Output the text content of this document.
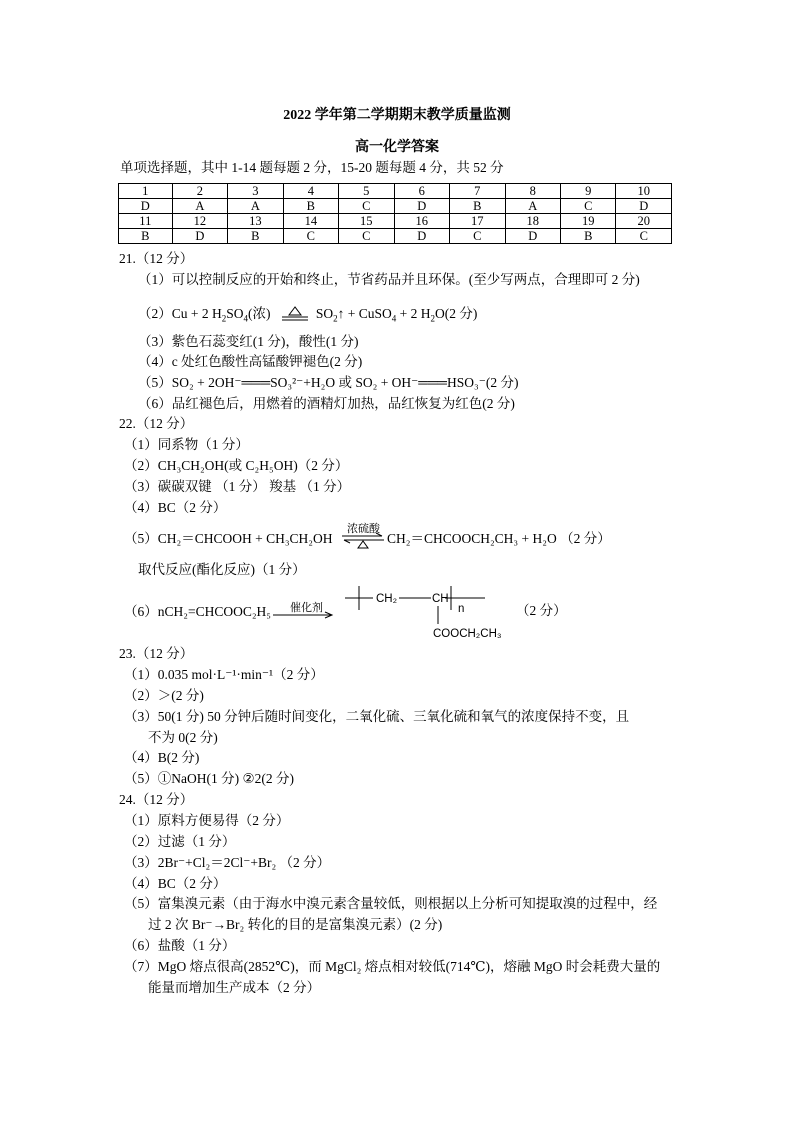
2022 学年第二学期期末教学质量监测
高一化学答案
单项选择题，其中 1-14 题每题 2 分，15-20 题每题 4 分，共 52 分
1	2	3	4	5	6	7	8	9	10
D	A	A	B	C	D	B	A	C	D
11	12	13	14	15	16	17	18	19	20
B	D	B	C	C	D	C	D	B	C
21.（12 分）
（1）可以控制反应的开始和终止，节省药品并且环保。(至少写两点，合理即可 2 分)
（2）Cu + 2 $H_2SO_4$(浓)	$SO_2↑$ + CuSO$_4$ + 2 $H_2O(2$ 分)
（3）紫色石蕊变红(1 分)，酸性(1 分)
（4）c 处红色酸性高锰酸钾褪色(2 分)
（5）SO₂ + 2OH⁻═══SO₃²⁻+H₂O 或 SO₂ + OH⁻═══HSO₃⁻(2 分)
（6）品红褪色后，用燃着的酒精灯加热，品红恢复为红色(2 分)
22.（12 分）
（1）同系物（1 分）
（2）CH₃CH₂OH(或 C₂H₅OH)（2 分）
（3）碳碳双键 （1 分） 羧基 （1 分）
（4）BC（2 分）
（5）CH₂＝CHCOOH + CH₃CH₂OH
浓硫酸
⇌ CH₂＝CHCOOCH₂CH₃ + H₂O （2 分）
取代反应(酯化反应)（1 分）
（6）nCH₂=CHCOOC₂H₅ 催化剂
CH₂	CH
n
COOCH₂CH₃
（2 分）
23.（12 分）
（1）0.035 mol·L⁻¹·min⁻¹（2 分）
（2）＞(2 分)
（3）50(1 分) 50 分钟后随时间变化，二氧化硫、三氧化硫和氧气的浓度保持不变，且
不为 0(2 分)
（4）B(2 分)
（5）①NaOH(1 分) ②2(2 分)
24.（12 分）
（1）原料方便易得（2 分）
（2）过滤（1 分）
（3）2Br⁻+Cl₂＝2Cl⁻+Br₂ （2 分）
（4）BC（2 分）
（5）富集溴元素（由于海水中溴元素含量较低，则根据以上分析可知提取溴的过程中，经
过 2 次 Br⁻→Br₂ 转化的目的是富集溴元素）(2 分)
（6）盐酸（1 分）
（7）MgO 熔点很高(2852℃)，而 MgCl₂ 熔点相对较低(714℃)，熔融 MgO 时会耗费大量的
能量而增加生产成本（2 分）
